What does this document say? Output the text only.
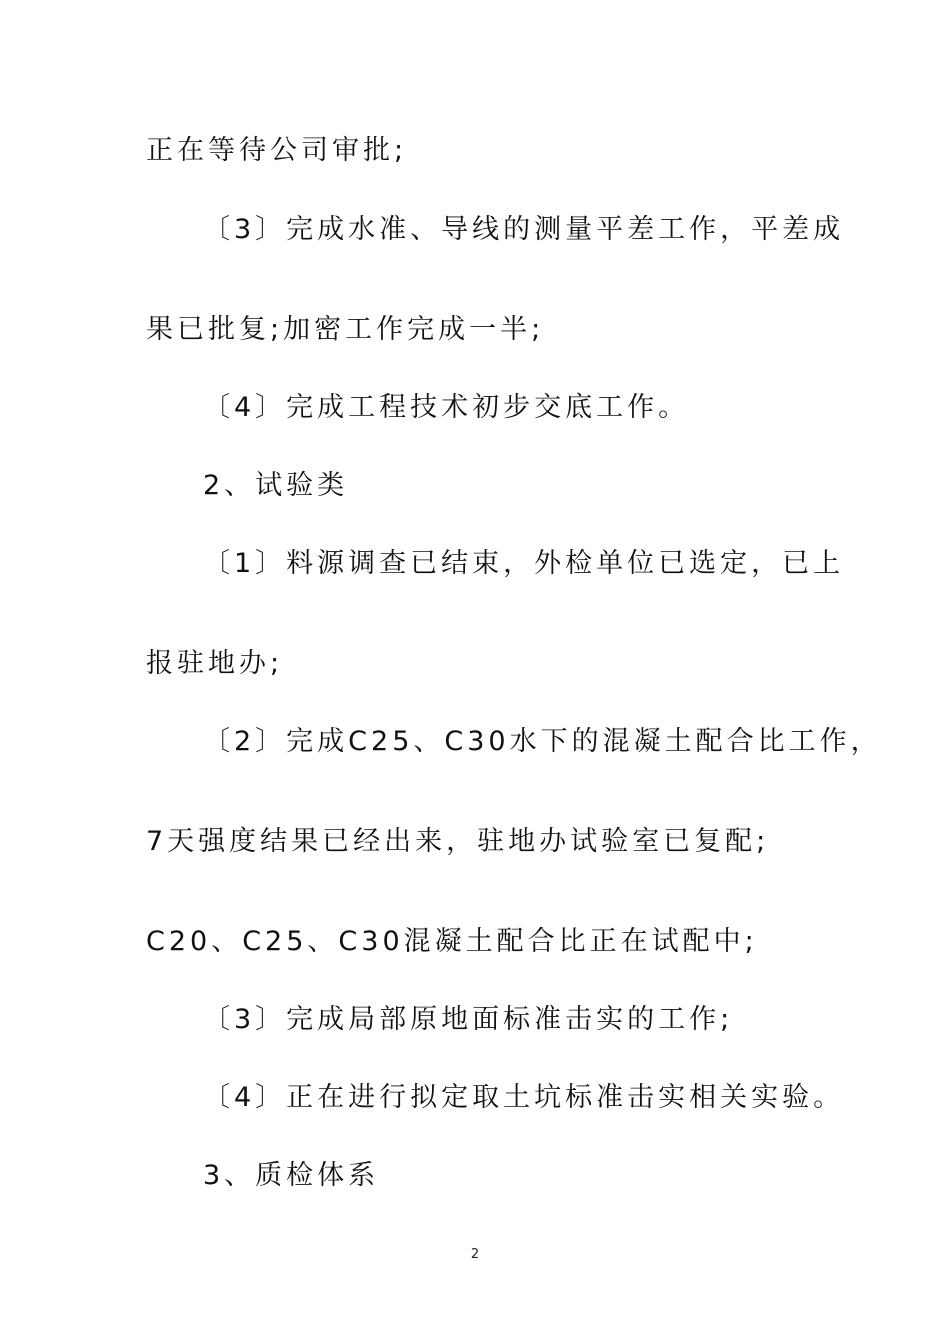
正在等待公司审批;
〔3〕完成水准、导线的测量平差工作，平差成
果已批复;加密工作完成一半;
〔4〕完成工程技术初步交底工作。
2、试验类
〔1〕料源调查已结束，外检单位已选定，已上
报驻地办;
〔2〕完成C25、C30水下的混凝土配合比工作，
7天强度结果已经出来，驻地办试验室已复配;
C20、C25、C30混凝土配合比正在试配中;
〔3〕完成局部原地面标准击实的工作;
〔4〕正在进行拟定取土坑标准击实相关实验。
3、质检体系
2
